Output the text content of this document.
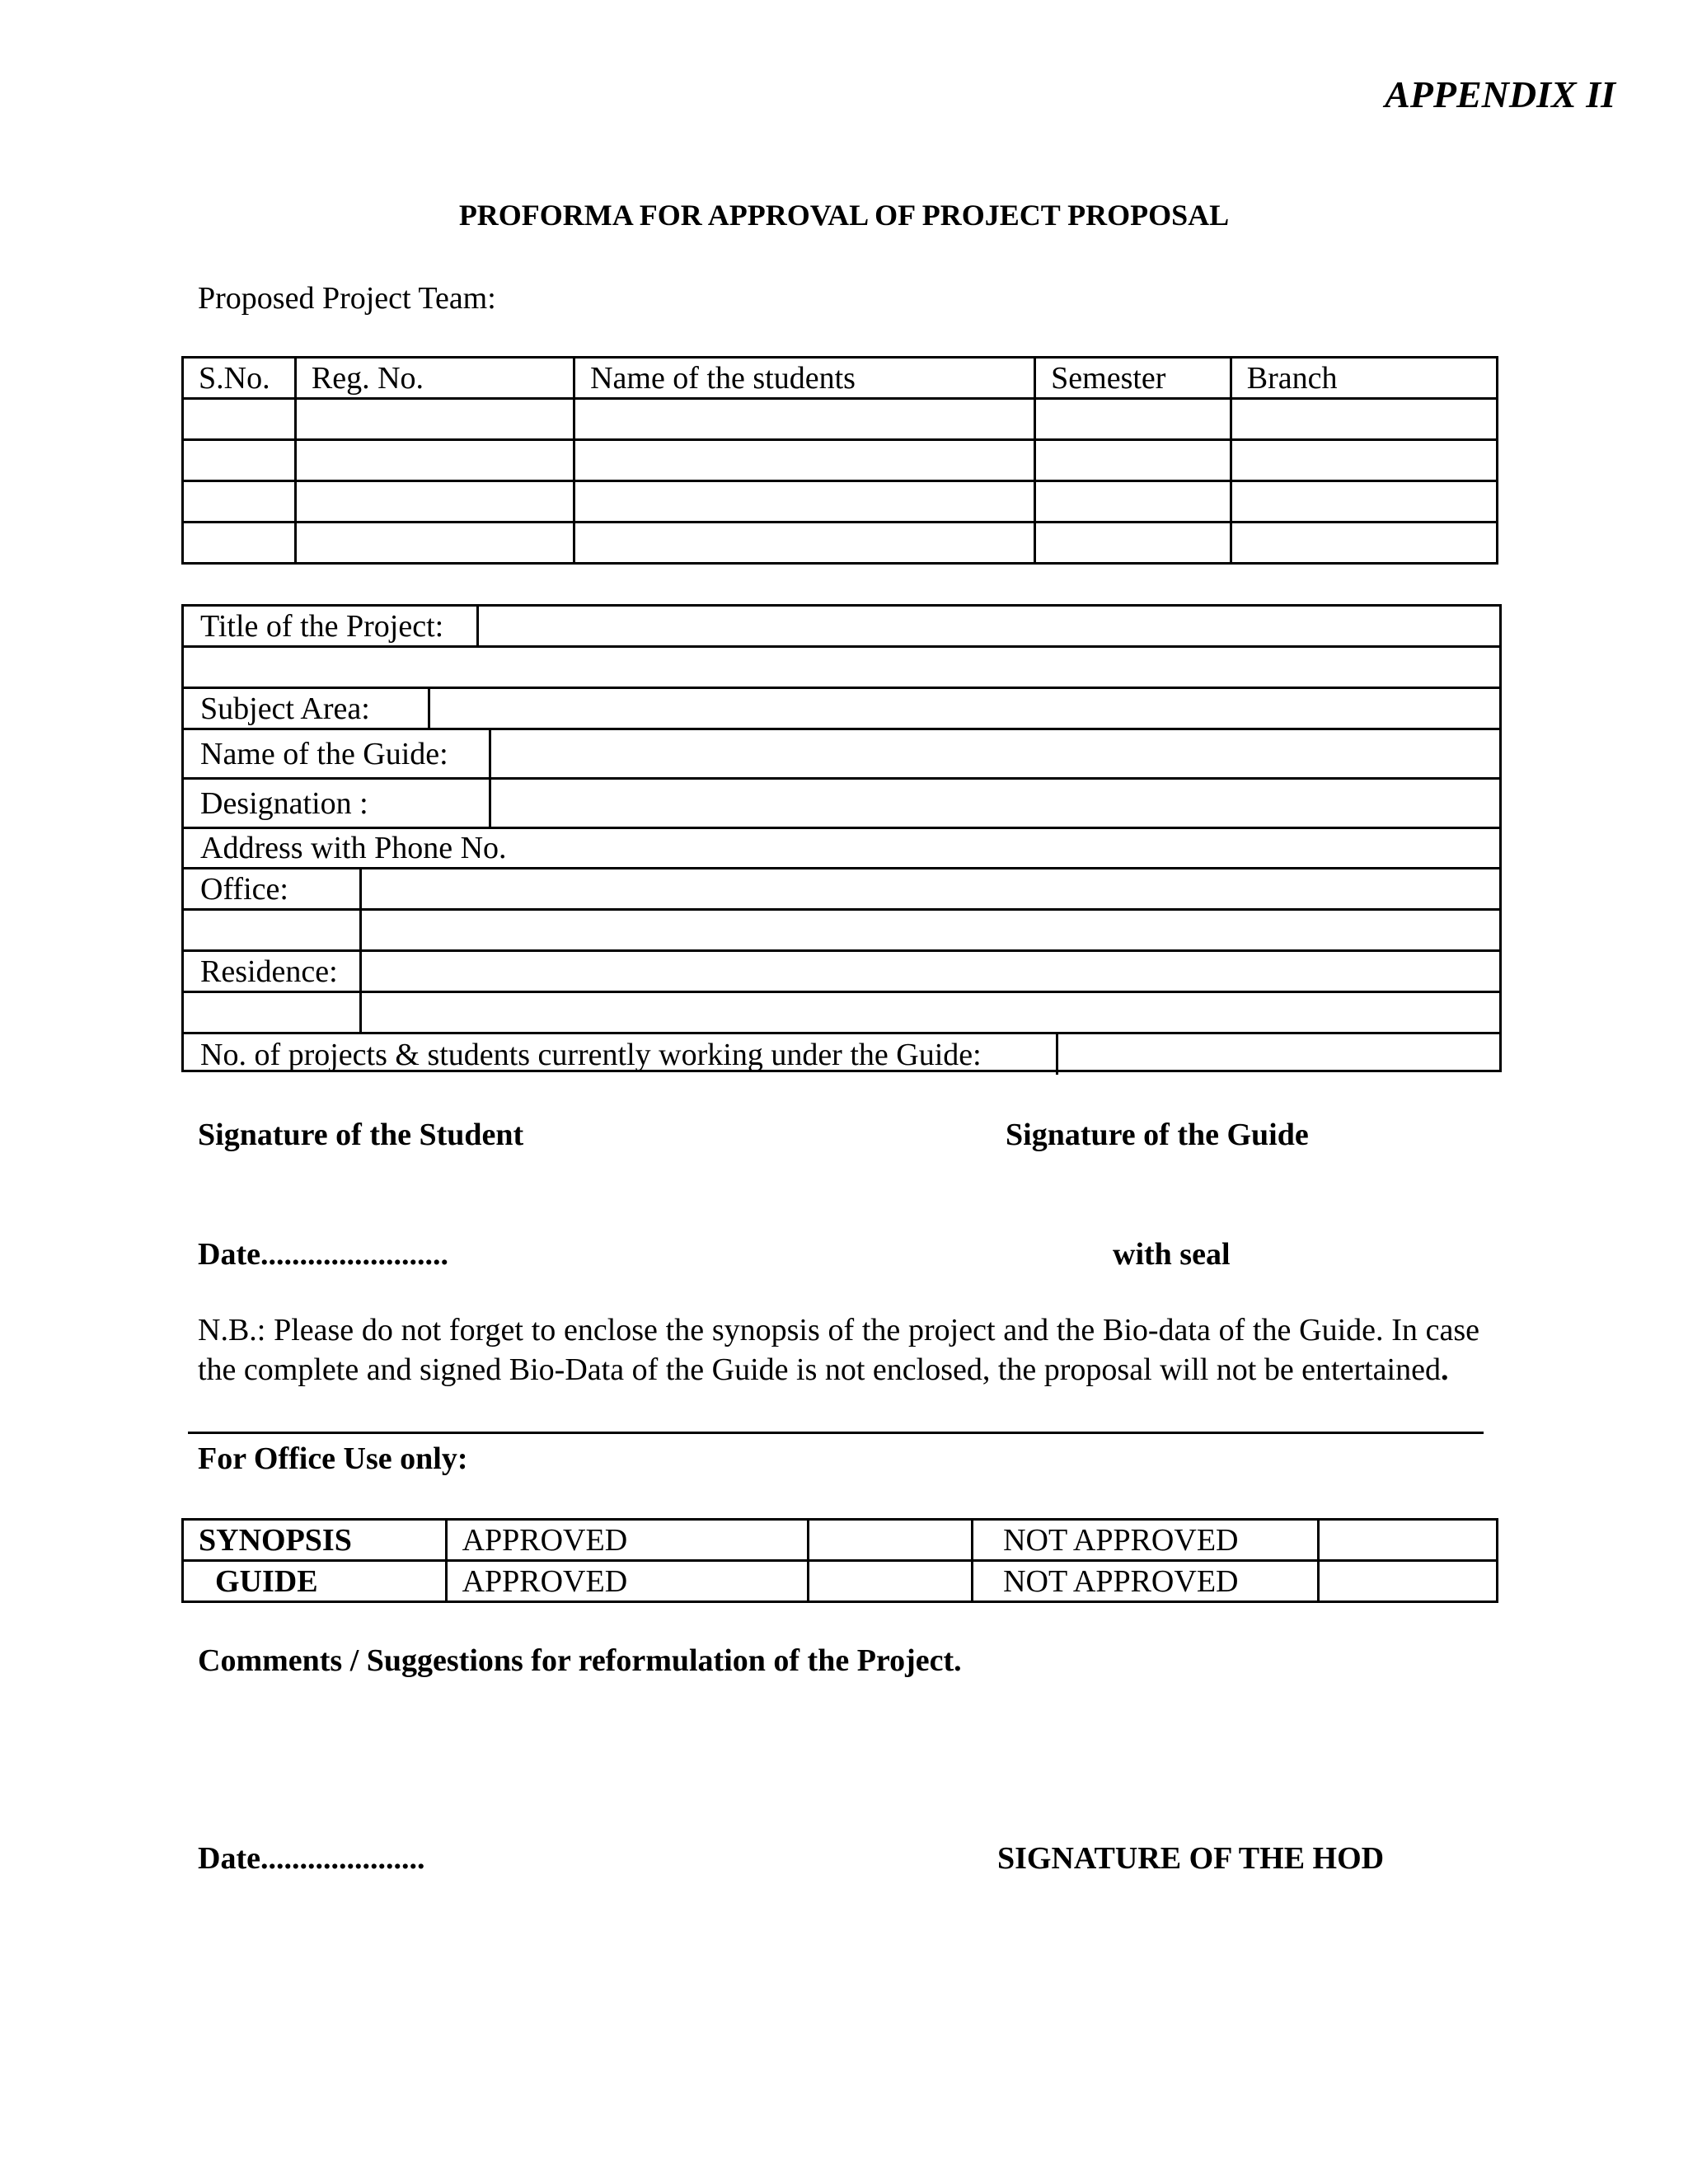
APPENDIX II
PROFORMA FOR APPROVAL OF PROJECT PROPOSAL
Proposed Project Team:
S.No.	Reg. No.	Name of the students	Semester	Branch

Title of the Project:
Subject Area:
Name of the Guide:
Designation :
Address with Phone No.
Office:
Residence:
No. of projects & students currently working under the Guide:
Signature of the Student	Signature of the Guide
Date........................	with seal
N.B.: Please do not forget to enclose the synopsis of the project and the Bio-data of the Guide. In case the complete and signed Bio-Data of the Guide is not enclosed, the proposal will not be entertained.
For Office Use only:
SYNOPSIS	APPROVED		NOT APPROVED	
GUIDE	APPROVED		NOT APPROVED	
Comments / Suggestions for reformulation of the Project.
Date.....................	SIGNATURE OF THE HOD
